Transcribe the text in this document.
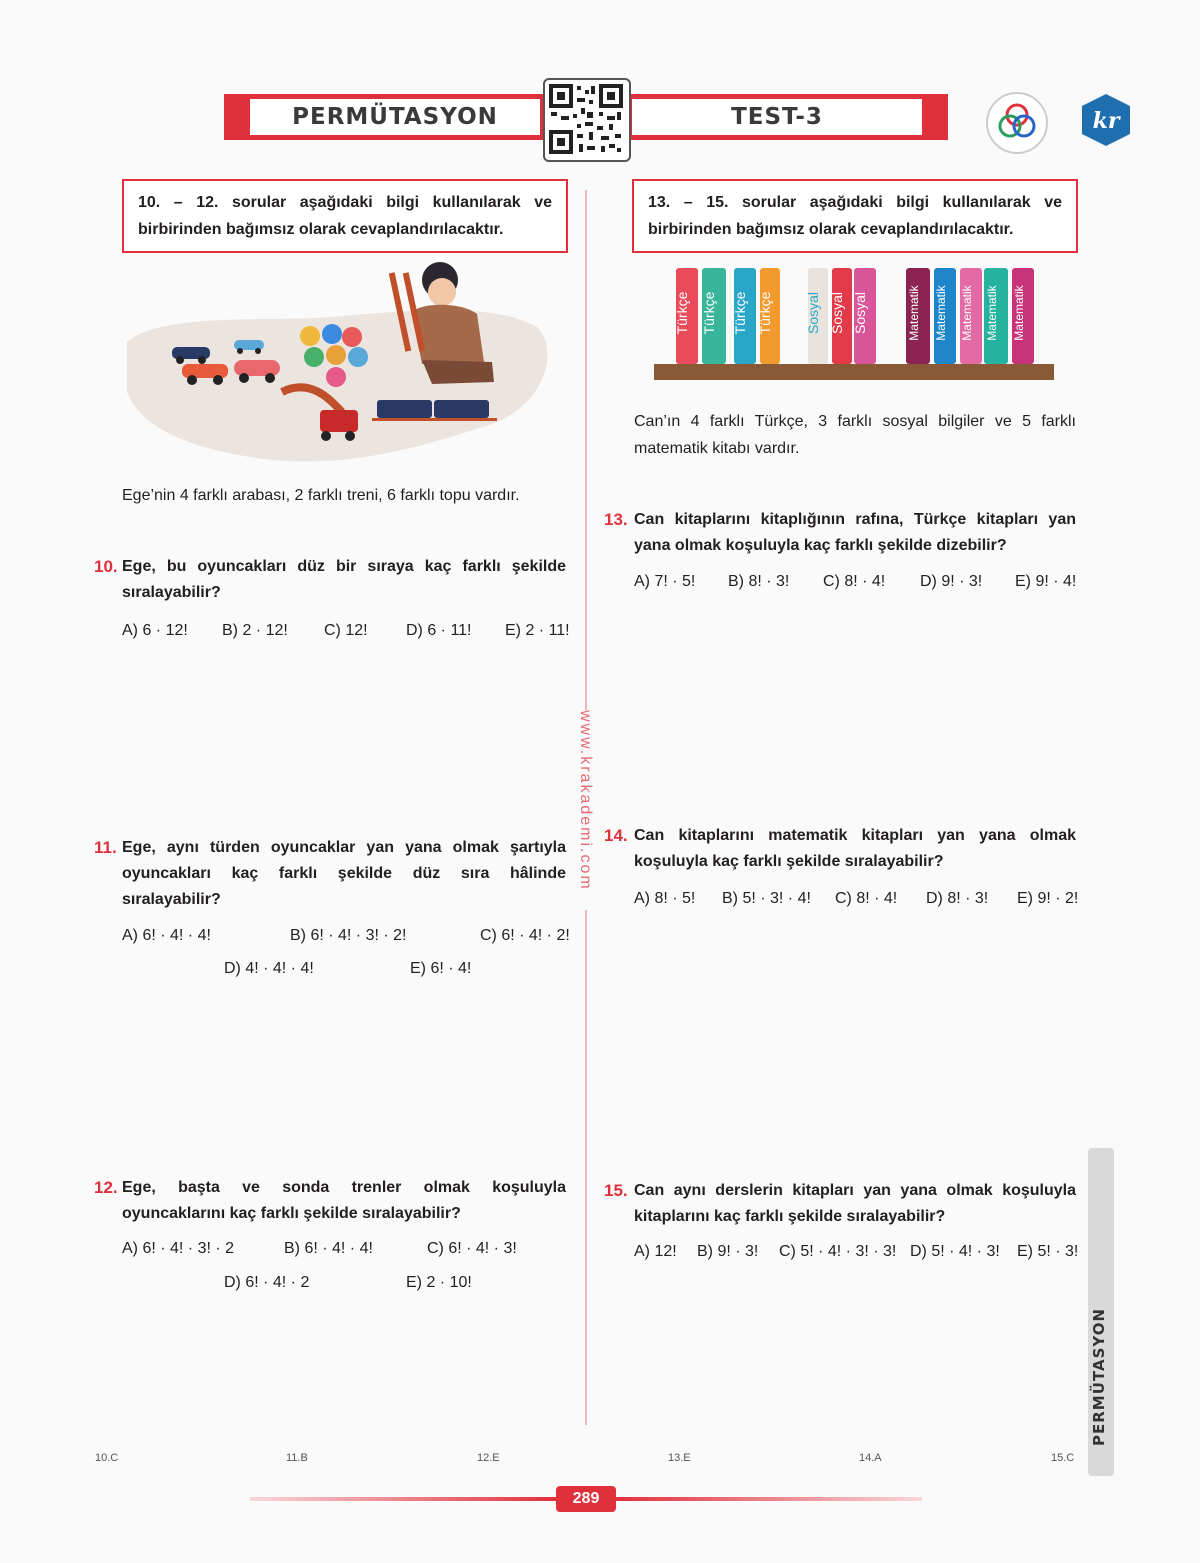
PERMÜTASYON	TEST-3	kr
10. – 12. sorular aşağıdaki bilgi kullanılarak ve birbirinden bağımsız olarak cevaplandırılacaktır.
Ege’nin 4 farklı arabası, 2 farklı treni, 6 farklı topu vardır.
10. Ege, bu oyuncakları düz bir sıraya kaç farklı şekilde sıralayabilir?
A) 6 · 12! B) 2 · 12! C) 12! D) 6 · 11! E) 2 · 11!
11. Ege, aynı türden oyuncaklar yan yana olmak şartıyla oyuncakları kaç farklı şekilde düz sıra hâlinde sıralayabilir?
A) 6! · 4! · 4!	B) 6! · 4! · 3! · 2!	C) 6! · 4! · 2!
D) 4! · 4! · 4!	E) 6! · 4!
12. Ege, başta ve sonda trenler olmak koşuluyla oyuncaklarını kaç farklı şekilde sıralayabilir?
A) 6! · 4! · 3! · 2	B) 6! · 4! · 4!	C) 6! · 4! · 3!
D) 6! · 4! · 2	E) 2 · 10!
www.krakademi.com
13. – 15. sorular aşağıdaki bilgi kullanılarak ve birbirinden bağımsız olarak cevaplandırılacaktır.
Türkçe Türkçe Türkçe Türkçe Sosyal Sosyal Sosyal	Matematik Matematik Matematik Matematik Matematik
Can’ın 4 farklı Türkçe, 3 farklı sosyal bilgiler ve 5 farklı matematik kitabı vardır.
13. Can kitaplarını kitaplığının rafına, Türkçe kitapları yan yana olmak koşuluyla kaç farklı şekilde dizebilir?
A) 7! · 5! B) 8! · 3! C) 8! · 4! D) 9! · 3! E) 9! · 4!
14. Can kitaplarını matematik kitapları yan yana olmak koşuluyla kaç farklı şekilde sıralayabilir?
A) 8! · 5! B) 5! · 3! · 4! C) 8! · 4! D) 8! · 3! E) 9! · 2!
15. Can aynı derslerin kitapları yan yana olmak koşuluyla kitaplarını kaç farklı şekilde sıralayabilir?
A) 12! B) 9! · 3! C) 5! · 4! · 3! · 3! D) 5! · 4! · 3! E) 5! · 3!
PERMÜTASYON
10.C	11.B	12.E	13.E	14.A	15.C
289
